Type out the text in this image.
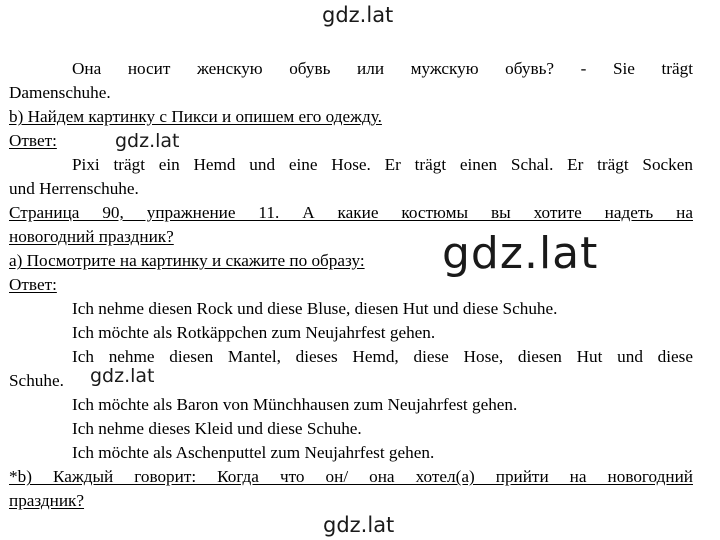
gdz.lat
gdz.lat
gdz.lat
gdz.lat
gdz.lat
Она носит женскую обувь или мужскую обувь? - Sie trägt
Damenschuhe.
b) Найдем картинку с Пикси и опишем его одежду.
Ответ:
Pixi trägt ein Hemd und eine Hose. Er trägt einen Schal. Er trägt Socken
und Herrenschuhe.
Страница 90, упражнение 11. А какие костюмы вы хотите надеть на
новогодний праздник?
а) Посмотрите на картинку и скажите по образу:
Ответ:
Ich nehme diesen Rock und diese Bluse, diesen Hut und diese Schuhe.
Ich möchte als Rotkäppchen zum Neujahrfest gehen.
Ich nehme diesen Mantel, dieses Hemd, diese Hose, diesen Hut und diese
Schuhe.
Ich möchte als Baron von Münchhausen zum Neujahrfest gehen.
Ich nehme dieses Kleid und diese Schuhe.
Ich möchte als Aschenputtel zum Neujahrfest gehen.
*b) Каждый говорит: Когда что он/ она хотел(а) прийти на новогодний
праздник?
